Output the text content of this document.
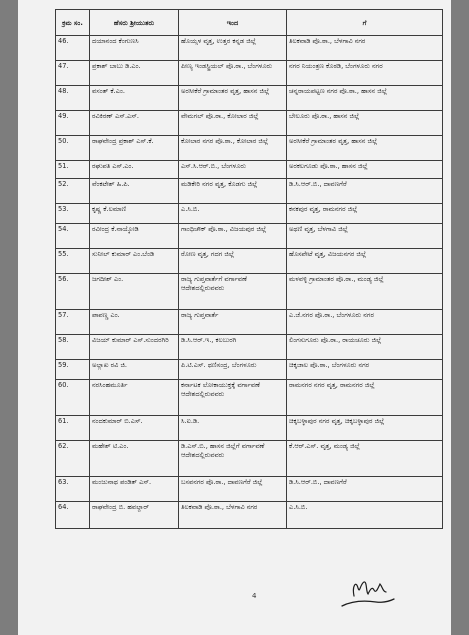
ಕ್ರಮ ಸಂ.	ಹೆಸರು ಶ್ರೀಯುತರು	ಇಂದ	ಗೆ
46.	ದಯಾನಂದ ಕೆಂಗುಣಸಿ	ಹೊಯ್ಸಳ ವೃತ್ತ, ಉತ್ತರ ಕನ್ನಡ ಜಿಲ್ಲೆ	ತಿಲಕವಾಡಿ ಪೊ.ಠಾ., ಬೆಳಗಾವಿ ನಗರ
47.	ಪ್ರಕಾಶ್ ಬಾಬು ಡಿ.ಎಂ.	ಪೀಣ್ಯ ಇಂಡಸ್ಟ್ರಿಯಲ್ ಪೊ.ಠಾ., ಬೆಂಗಳೂರು	ನಗರ ನಿಯಂತ್ರಣ ಕೊಠಡಿ, ಬೆಂಗಳೂರು ನಗರ
48.	ವಸಂತ್ ಕೆ.ಎಂ.	ಅರಸೀಕೆರೆ ಗ್ರಾಮಾಂತರ ವೃತ್ತ, ಹಾಸನ ಜಿಲ್ಲೆ	ಚನ್ನರಾಯಪಟ್ಟಣ ನಗರ ಪೊ.ಠಾ., ಹಾಸನ ಜಿಲ್ಲೆ
49.	ರವಿಕಿರಣ್ ಎಸ್.ಎಸ್.	ವೇಮಗಲ್ ಪೊ.ಠಾ., ಕೋಲಾರ ಜಿಲ್ಲೆ	ಬೇಲೂರು ಪೊ.ಠಾ., ಹಾಸನ ಜಿಲ್ಲೆ
50.	ರಾಘವೇಂದ್ರ ಪ್ರಕಾಶ್ ಎಸ್.ಕೆ.	ಕೋಲಾರ ನಗರ ಪೊ.ಠಾ., ಕೋಲಾರ ಜಿಲ್ಲೆ	ಅರಸೀಕೆರೆ ಗ್ರಾಮಾಂತರ ವೃತ್ತ, ಹಾಸನ ಜಿಲ್ಲೆ
51.	ರಘುಪತಿ ಎಸ್.ಎಂ.	ಎಸ್.ಸಿ.ಆರ್.ಬಿ., ಬೆಂಗಳೂರು	ಅರಕಲಗೂಡು ಪೊ.ಠಾ., ಹಾಸನ ಜಿಲ್ಲೆ
52.	ವೆಂಕಟೇಶ್ ಹಿ.ಪಿ.	ಮಡಿಕೇರಿ ನಗರ ವೃತ್ತ, ಕೊಡಗು ಜಿಲ್ಲೆ	ಡಿ.ಸಿ.ಆರ್.ಬಿ., ದಾವಣಗೆರೆ
53.	ಕೃಷ್ಣ ಕೆ.ಲಮಾಣಿ	ಎ.ಸಿ.ಬಿ.	ಕನಕಪುರ ವೃತ್ತ, ರಾಮನಗರ ಜಿಲ್ಲೆ
54.	ರವೀಂದ್ರ ಕೆ.ನಾಯ್ಕೋಡಿ	ಗಾಂಧಿಚೌಕ್ ಪೊ.ಠಾ., ವಿಜಯಪುರ ಜಿಲ್ಲೆ	ಅಥಣಿ ವೃತ್ತ, ಬೆಳಗಾವಿ ಜಿಲ್ಲೆ
55.	ಸುನೀಲ್ ಕುಮಾರ್ ಎಂ.ಬೆಂಡಿ	ರೋಣ ವೃತ್ತ, ಗದಗ ಜಿಲ್ಲೆ	ಹೊಸಪೇಟೆ ವೃತ್ತ, ವಿಜಯನಗರ ಜಿಲ್ಲೆ
56.	ಜಗದೀಶ್ ಎಂ.	ರಾಜ್ಯ ಗುಪ್ತವಾರ್ತೆಗೆ ವರ್ಗಾವಣೆ ಆದೇಶದಲ್ಲಿರುವವರು	ಮಳವಳ್ಳಿ ಗ್ರಾಮಾಂತರ ಪೊ.ಠಾ., ಮಂಡ್ಯ ಜಿಲ್ಲೆ
57.	ಪಾಪಣ್ಣ ಎಂ.	ರಾಜ್ಯ ಗುಪ್ತವಾರ್ತೆ	ಎ.ಜೆ.ನಗರ ಪೊ.ಠಾ., ಬೆಂಗಳೂರು ನಗರ
58.	ವಿಜಯ್ ಕುಮಾರ್ ಎಸ್.ಸುಂದರಗಿರಿ	ಡಿ.ಸಿ.ಆರ್.ಇ., ಕಲಬುರಗಿ	ಲಿಂಗಸುಗೂರು ಪೊ.ಠಾ., ರಾಯಚೂರು ಜಿಲ್ಲೆ
59.	ಅಲ್ಲಾಖ ರವಿ ಜಿ.	ಪಿ.ಟಿ.ಎಸ್. ಥಣಿಸಂದ್ರ, ಬೆಂಗಳೂರು	ಚಿಕ್ಕಜಾಲ ಪೊ.ಠಾ., ಬೆಂಗಳೂರು ನಗರ
60.	ನರಸಿಂಹಮೂರ್ತಿ	ಕರ್ನಾಟಕ ಲೋಕಾಯುಕ್ತಕ್ಕೆ ವರ್ಗಾವಣೆ ಆದೇಶದಲ್ಲಿರುವವರು	ರಾಮನಗರ ನಗರ ವೃತ್ತ, ರಾಮನಗರ ಜಿಲ್ಲೆ
61.	ನಂದಕುಮಾರ್ ಬಿ.ಎಸ್.	ಸಿ.ಐ.ಡಿ.	ಚಿಕ್ಕಬಳ್ಳಾಪುರ ನಗರ ವೃತ್ತ, ಚಿಕ್ಕಬಳ್ಳಾಪುರ ಜಿಲ್ಲೆ
62.	ಮಹೇಶ್ ಟಿ.ಎಂ.	ಡಿ.ಎಸ್.ಬಿ., ಹಾಸನ ಜಿಲ್ಲೆಗೆ ವರ್ಗಾವಣೆ ಆದೇಶದಲ್ಲಿರುವವರು	ಕೆ.ಆರ್.ಎಸ್. ವೃತ್ತ, ಮಂಡ್ಯ ಜಿಲ್ಲೆ
63.	ಮಂಜುನಾಥ ಪಂಡಿತ್ ಎಸ್.	ಬಸವನಗರ ಪೊ.ಠಾ., ದಾವಣಗೆರೆ ಜಿಲ್ಲೆ	ಡಿ.ಸಿ.ಆರ್.ಬಿ., ದಾವಣಗೆರೆ
64.	ರಾಘವೇಂದ್ರ ಬಿ. ಹವಲ್ದಾರ್	ತಿಲಕವಾಡಿ ಪೊ.ಠಾ., ಬೆಳಗಾವಿ ನಗರ	ಎ.ಸಿ.ಬಿ.
4
